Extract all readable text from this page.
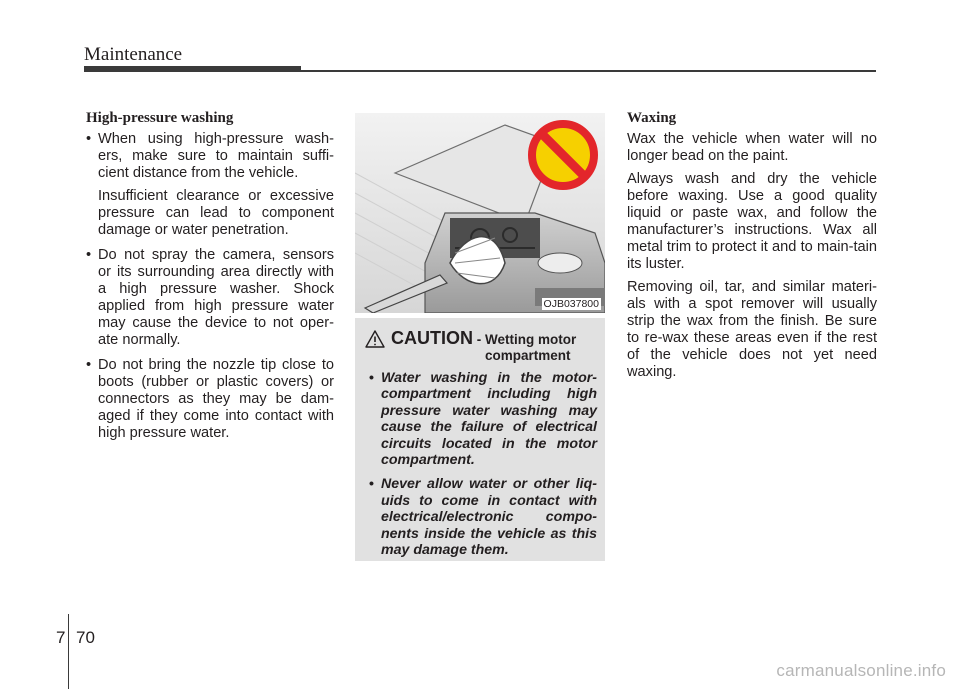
Maintenance
High-pressure washing

• When using high-pressure wash-ers, make sure to maintain suffi-cient distance from the vehicle.

Insufficient clearance or excessive pressure can lead to component damage or water penetration.

• Do not spray the camera, sensors or its surrounding area directly with a high pressure washer. Shock applied from high pressure water may cause the device to not oper-ate normally.

• Do not bring the nozzle tip close to boots (rubber or plastic covers) or connectors as they may be dam-aged if they come into contact with high pressure water.

OJB037800
CAUTION - Wetting motor
compartment
• Water washing in the motor-compartment including high pressure water washing may cause the failure of electrical circuits located in the motor compartment.
• Never allow water or other liq-uids to come in contact with electrical/electronic compo-nents inside the vehicle as this may damage them.
Waxing

Wax the vehicle when water will no longer bead on the paint.

Always wash and dry the vehicle before waxing. Use a good quality liquid or paste wax, and follow the manufacturer’s instructions. Wax all metal trim to protect it and to main-tain its luster.

Removing oil, tar, and similar materi-als with a spot remover will usually strip the wax from the finish. Be sure to re-wax these areas even if the rest of the vehicle does not yet need waxing.

7 70
carmanualsonline.info
